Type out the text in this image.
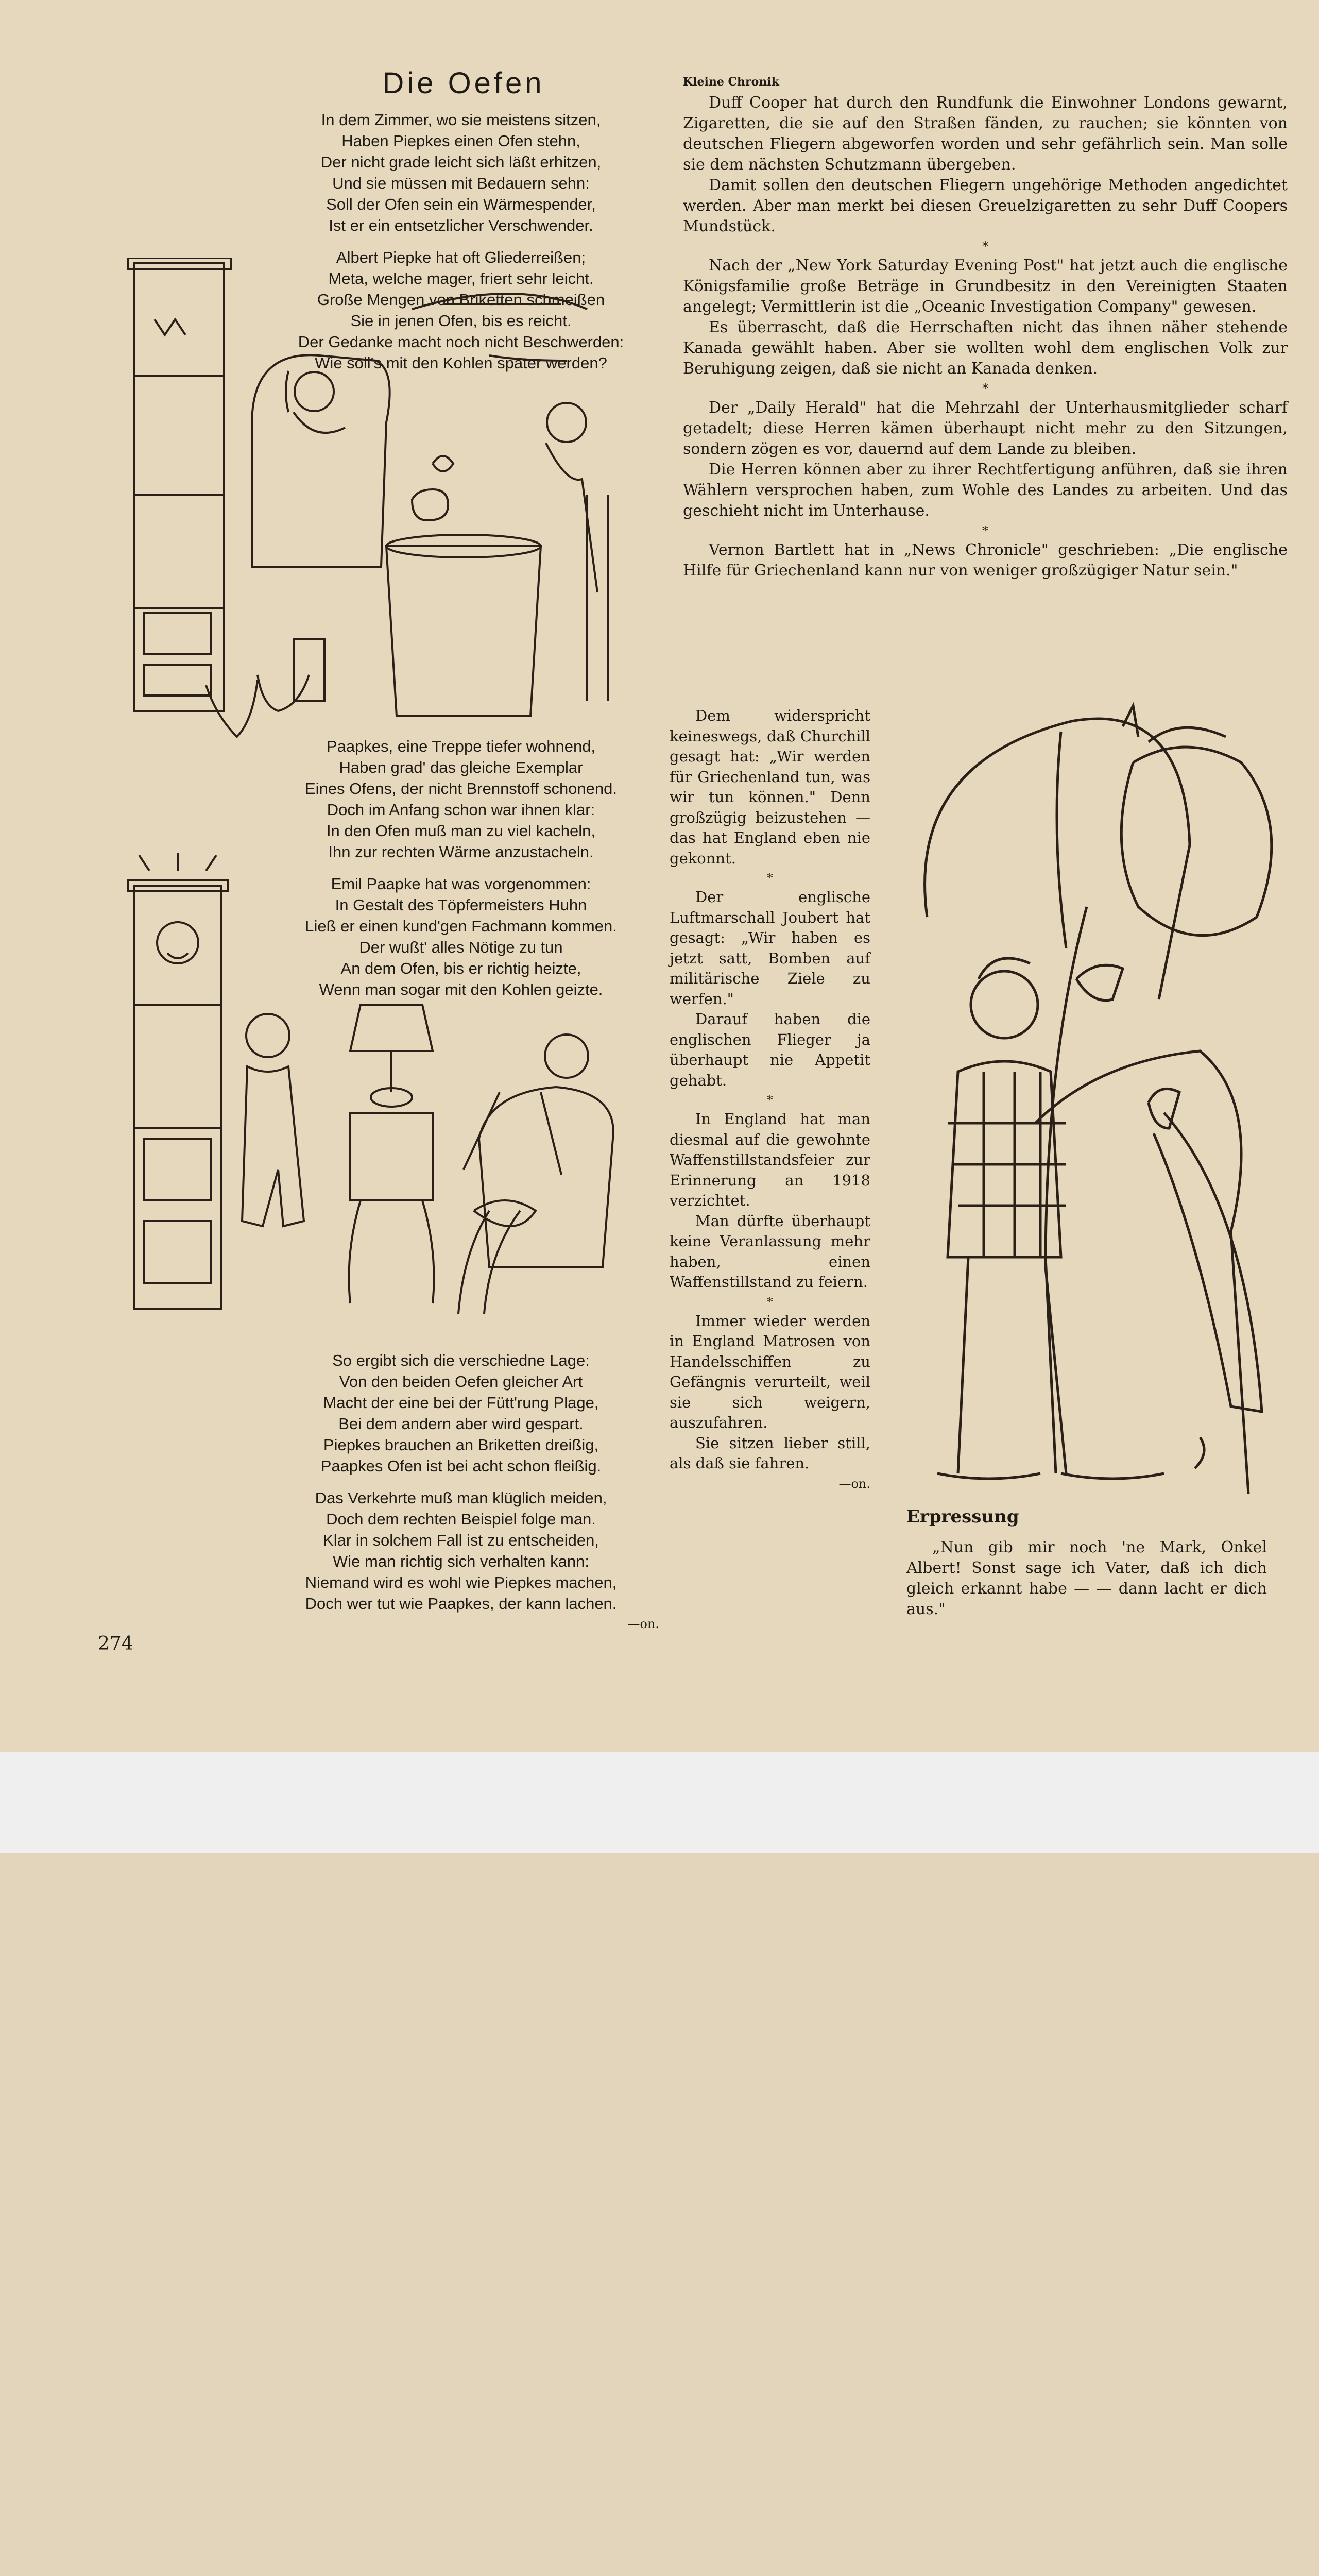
Die Oefen

In dem Zimmer, wo sie meistens sitzen,
Haben Piepkes einen Ofen stehn,
Der nicht grade leicht sich läßt erhitzen,
Und sie müssen mit Bedauern sehn:
Soll der Ofen sein ein Wärmespender,
Ist er ein entsetzlicher Verschwender.

Albert Piepke hat oft Gliederreißen;
Meta, welche mager, friert sehr leicht.
Große Mengen von Briketten schmeißen
Sie in jenen Ofen, bis es reicht.
Der Gedanke macht noch nicht Beschwerden:
Wie soll's mit den Kohlen später werden?

Paapkes, eine Treppe tiefer wohnend,
Haben grad' das gleiche Exemplar
Eines Ofens, der nicht Brennstoff schonend.
Doch im Anfang schon war ihnen klar:
In den Ofen muß man zu viel kacheln,
Ihn zur rechten Wärme anzustacheln.

Emil Paapke hat was vorgenommen:
In Gestalt des Töpfermeisters Huhn
Ließ er einen kund'gen Fachmann kommen.
Der wußt' alles Nötige zu tun
An dem Ofen, bis er richtig heizte,
Wenn man sogar mit den Kohlen geizte.

So ergibt sich die verschiedne Lage:
Von den beiden Oefen gleicher Art
Macht der eine bei der Fütt'rung Plage,
Bei dem andern aber wird gespart.
Piepkes brauchen an Briketten dreißig,
Paapkes Ofen ist bei acht schon fleißig.

Das Verkehrte muß man klüglich meiden,
Doch dem rechten Beispiel folge man.
Klar in solchem Fall ist zu entscheiden,
Wie man richtig sich verhalten kann:
Niemand wird es wohl wie Piepkes machen,
Doch wer tut wie Paapkes, der kann lachen.

—on.
274
Kleine Chronik

Duff Cooper hat durch den Rundfunk die Einwohner Londons gewarnt, Zigaretten, die sie auf den Straßen fänden, zu rauchen; sie könnten von deutschen Fliegern abgeworfen worden und sehr gefährlich sein. Man solle sie dem nächsten Schutzmann übergeben.

Damit sollen den deutschen Fliegern ungehörige Methoden angedichtet werden. Aber man merkt bei diesen Greuelzigaretten zu sehr Duff Coopers Mundstück.

*

Nach der „New York Saturday Evening Post" hat jetzt auch die englische Königsfamilie große Beträge in Grundbesitz in den Vereinigten Staaten angelegt; Vermittlerin ist die „Oceanic Investigation Company" gewesen.

Es überrascht, daß die Herrschaften nicht das ihnen näher stehende Kanada gewählt haben. Aber sie wollten wohl dem englischen Volk zur Beruhigung zeigen, daß sie nicht an Kanada denken.

*

Der „Daily Herald" hat die Mehrzahl der Unterhausmitglieder scharf getadelt; diese Herren kämen überhaupt nicht mehr zu den Sitzungen, sondern zögen es vor, dauernd auf dem Lande zu bleiben.

Die Herren können aber zu ihrer Rechtfertigung anführen, daß sie ihren Wählern versprochen haben, zum Wohle des Landes zu arbeiten. Und das geschieht nicht im Unterhause.

*

Vernon Bartlett hat in „News Chronicle" geschrieben: „Die englische Hilfe für Griechenland kann nur von weniger großzügiger Natur sein."

Dem widerspricht keineswegs, daß Churchill gesagt hat: „Wir werden für Griechenland tun, was wir tun können." Denn großzügig beizustehen — das hat England eben nie gekonnt.

*

Der englische Luftmarschall Joubert hat gesagt: „Wir haben es jetzt satt, Bomben auf militärische Ziele zu werfen."

Darauf haben die englischen Flieger ja überhaupt nie Appetit gehabt.

*

In England hat man diesmal auf die gewohnte Waffenstillstandsfeier zur Erinnerung an 1918 verzichtet.

Man dürfte überhaupt keine Veranlassung mehr haben, einen Waffenstillstand zu feiern.

*

Immer wieder werden in England Matrosen von Handelsschiffen zu Gefängnis verurteilt, weil sie sich weigern, auszufahren.

Sie sitzen lieber still, als daß sie fahren.

—on.
Erpressung

„Nun gib mir noch 'ne Mark, Onkel Albert! Sonst sage ich Vater, daß ich dich gleich erkannt habe — — dann lacht er dich aus."
